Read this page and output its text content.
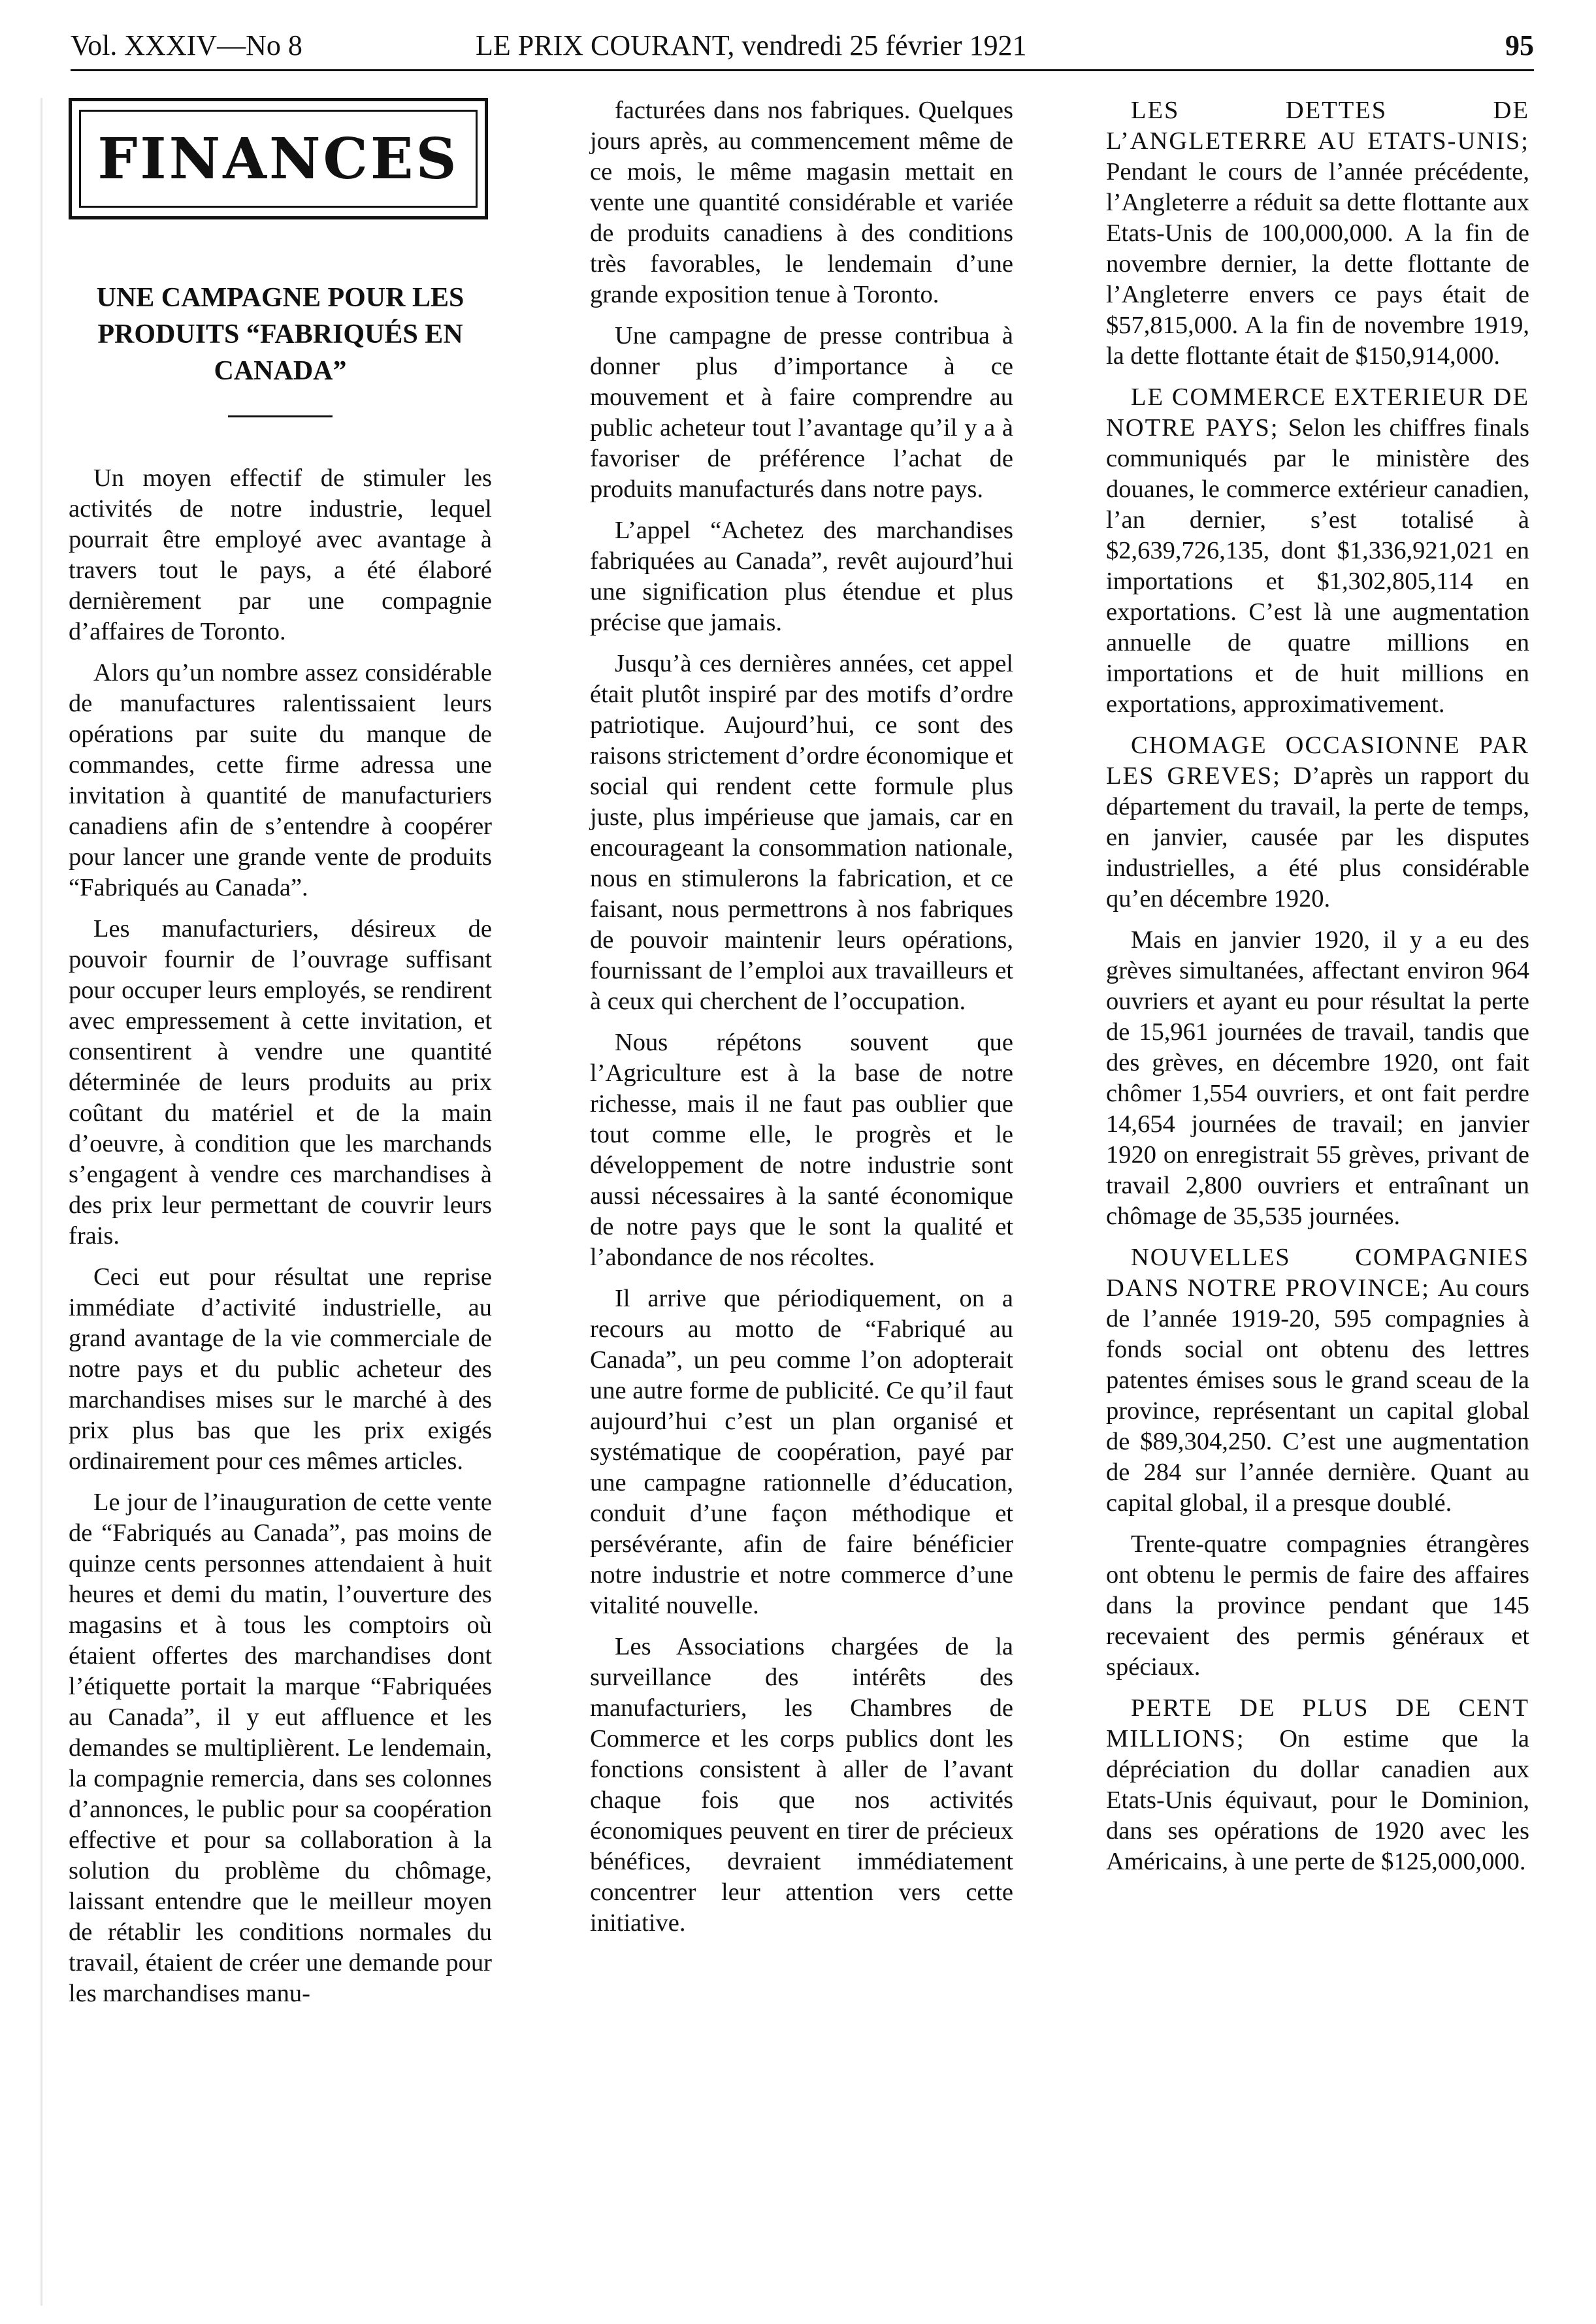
Vol. XXXIV—No 8	LE PRIX COURANT, vendredi 25 février 1921	95
FINANCES
UNE CAMPAGNE POUR LES PRODUITS “FABRIQUÉS EN CANADA”

Un moyen effectif de stimuler les activités de notre industrie, lequel pourrait être employé avec avantage à travers tout le pays, a été élaboré dernièrement par une compagnie d’affaires de Toronto.

Alors qu’un nombre assez considérable de manufactures ralentissaient leurs opérations par suite du manque de commandes, cette firme adressa une invitation à quantité de manufacturiers canadiens afin de s’entendre à coopérer pour lancer une grande vente de produits “Fabriqués au Canada”.

Les manufacturiers, désireux de pouvoir fournir de l’ouvrage suffisant pour occuper leurs employés, se rendirent avec empressement à cette invitation, et consentirent à vendre une quantité déterminée de leurs produits au prix coûtant du matériel et de la main d’oeuvre, à condition que les marchands s’engagent à vendre ces marchandises à des prix leur permettant de couvrir leurs frais.

Ceci eut pour résultat une reprise immédiate d’activité industrielle, au grand avantage de la vie commerciale de notre pays et du public acheteur des marchandises mises sur le marché à des prix plus bas que les prix exigés ordinairement pour ces mêmes articles.

Le jour de l’inauguration de cette vente de “Fabriqués au Canada”, pas moins de quinze cents personnes attendaient à huit heures et demi du matin, l’ouverture des magasins et à tous les comptoirs où étaient offertes des marchandises dont l’étiquette portait la marque “Fabriquées au Canada”, il y eut affluence et les demandes se multiplièrent. Le lendemain, la compagnie remercia, dans ses colonnes d’annonces, le public pour sa coopération effective et pour sa collaboration à la solution du problème du chômage, laissant entendre que le meilleur moyen de rétablir les conditions normales du travail, étaient de créer une demande pour les marchandises manu-

facturées dans nos fabriques. Quelques jours après, au commencement même de ce mois, le même magasin mettait en vente une quantité considérable et variée de produits canadiens à des conditions très favorables, le lendemain d’une grande exposition tenue à Toronto.

Une campagne de presse contribua à donner plus d’importance à ce mouvement et à faire comprendre au public acheteur tout l’avantage qu’il y a à favoriser de préférence l’achat de produits manufacturés dans notre pays.

L’appel “Achetez des marchandises fabriquées au Canada”, revêt aujourd’hui une signification plus étendue et plus précise que jamais.

Jusqu’à ces dernières années, cet appel était plutôt inspiré par des motifs d’ordre patriotique. Aujourd’hui, ce sont des raisons strictement d’ordre économique et social qui rendent cette formule plus juste, plus impérieuse que jamais, car en encourageant la consommation nationale, nous en stimulerons la fabrication, et ce faisant, nous permettrons à nos fabriques de pouvoir maintenir leurs opérations, fournissant de l’emploi aux travailleurs et à ceux qui cherchent de l’occupation.

Nous répétons souvent que l’Agriculture est à la base de notre richesse, mais il ne faut pas oublier que tout comme elle, le progrès et le développement de notre industrie sont aussi nécessaires à la santé économique de notre pays que le sont la qualité et l’abondance de nos récoltes.

Il arrive que périodiquement, on a recours au motto de “Fabriqué au Canada”, un peu comme l’on adopterait une autre forme de publicité. Ce qu’il faut aujourd’hui c’est un plan organisé et systématique de coopération, payé par une campagne rationnelle d’éducation, conduit d’une façon méthodique et persévérante, afin de faire bénéficier notre industrie et notre commerce d’une vitalité nouvelle.

Les Associations chargées de la surveillance des intérêts des manufacturiers, les Chambres de Commerce et les corps publics dont les fonctions consistent à aller de l’avant chaque fois que nos activités économiques peuvent en tirer de précieux bénéfices, devraient immédiatement concentrer leur attention vers cette initiative.

LES DETTES DE L’ANGLETERRE AU ETATS-UNIS; Pendant le cours de l’année précédente, l’Angleterre a réduit sa dette flottante aux Etats-Unis de 100,000,000. A la fin de novembre dernier, la dette flottante de l’Angleterre envers ce pays était de $57,815,000. A la fin de novembre 1919, la dette flottante était de $150,914,000.

LE COMMERCE EXTERIEUR DE NOTRE PAYS; Selon les chiffres finals communiqués par le ministère des douanes, le commerce extérieur canadien, l’an dernier, s’est totalisé à $2,639,726,135, dont $1,336,921,021 en importations et $1,302,805,114 en exportations. C’est là une augmentation annuelle de quatre millions en importations et de huit millions en exportations, approximativement.

CHOMAGE OCCASIONNE PAR LES GREVES; D’après un rapport du département du travail, la perte de temps, en janvier, causée par les disputes industrielles, a été plus considérable qu’en décembre 1920.

Mais en janvier 1920, il y a eu des grèves simultanées, affectant environ 964 ouvriers et ayant eu pour résultat la perte de 15,961 journées de travail, tandis que des grèves, en décembre 1920, ont fait chômer 1,554 ouvriers, et ont fait perdre 14,654 journées de travail; en janvier 1920 on enregistrait 55 grèves, privant de travail 2,800 ouvriers et entraînant un chômage de 35,535 journées.

NOUVELLES COMPAGNIES DANS NOTRE PROVINCE; Au cours de l’année 1919-20, 595 compagnies à fonds social ont obtenu des lettres patentes émises sous le grand sceau de la province, représentant un capital global de $89,304,250. C’est une augmentation de 284 sur l’année dernière. Quant au capital global, il a presque doublé.

Trente-quatre compagnies étrangères ont obtenu le permis de faire des affaires dans la province pendant que 145 recevaient des permis généraux et spéciaux.

PERTE DE PLUS DE CENT MILLIONS; On estime que la dépréciation du dollar canadien aux Etats-Unis équivaut, pour le Dominion, dans ses opérations de 1920 avec les Américains, à une perte de $125,000,000.
